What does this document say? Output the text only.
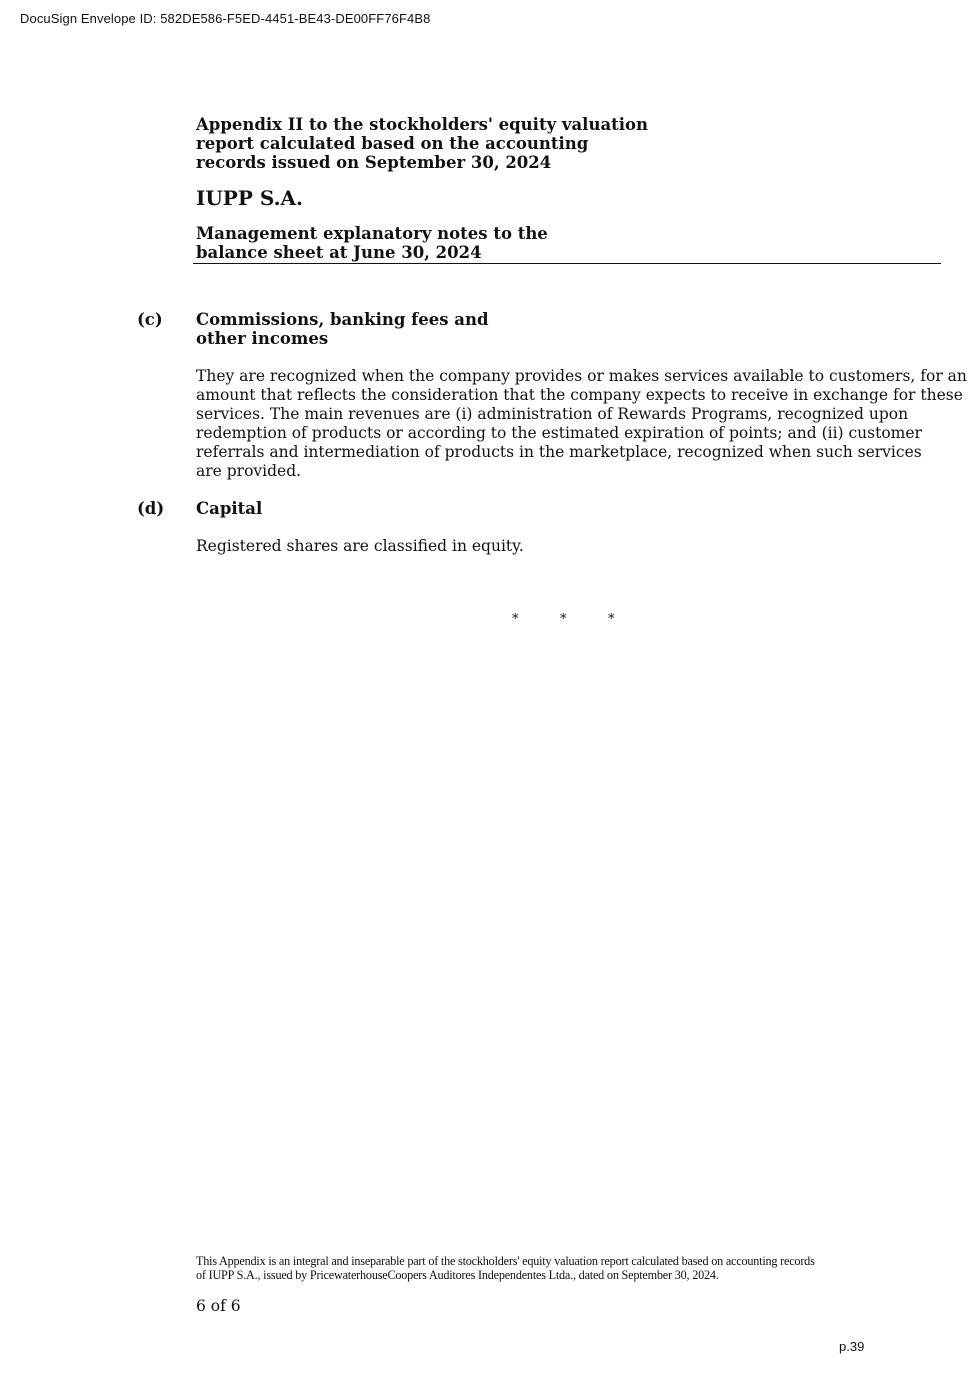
DocuSign Envelope ID: 582DE586-F5ED-4451-BE43-DE00FF76F4B8
Appendix II to the stockholders' equity valuation
report calculated based on the accounting
records issued on September 30, 2024
IUPP S.A.
Management explanatory notes to the
balance sheet at June 30, 2024
(c)	Commissions, banking fees and
other incomes
They are recognized when the company provides or makes services available to customers, for an
amount that reflects the consideration that the company expects to receive in exchange for these
services. The main revenues are (i) administration of Rewards Programs, recognized upon
redemption of products or according to the estimated expiration of points; and (ii) customer
referrals and intermediation of products in the marketplace, recognized when such services
are provided.
(d)	Capital
Registered shares are classified in equity.
*	*	*
This Appendix is an integral and inseparable part of the stockholders' equity valuation report calculated based on accounting records
of IUPP S.A., issued by PricewaterhouseCoopers Auditores Independentes Ltda., dated on September 30, 2024.
6 of 6
p.39
